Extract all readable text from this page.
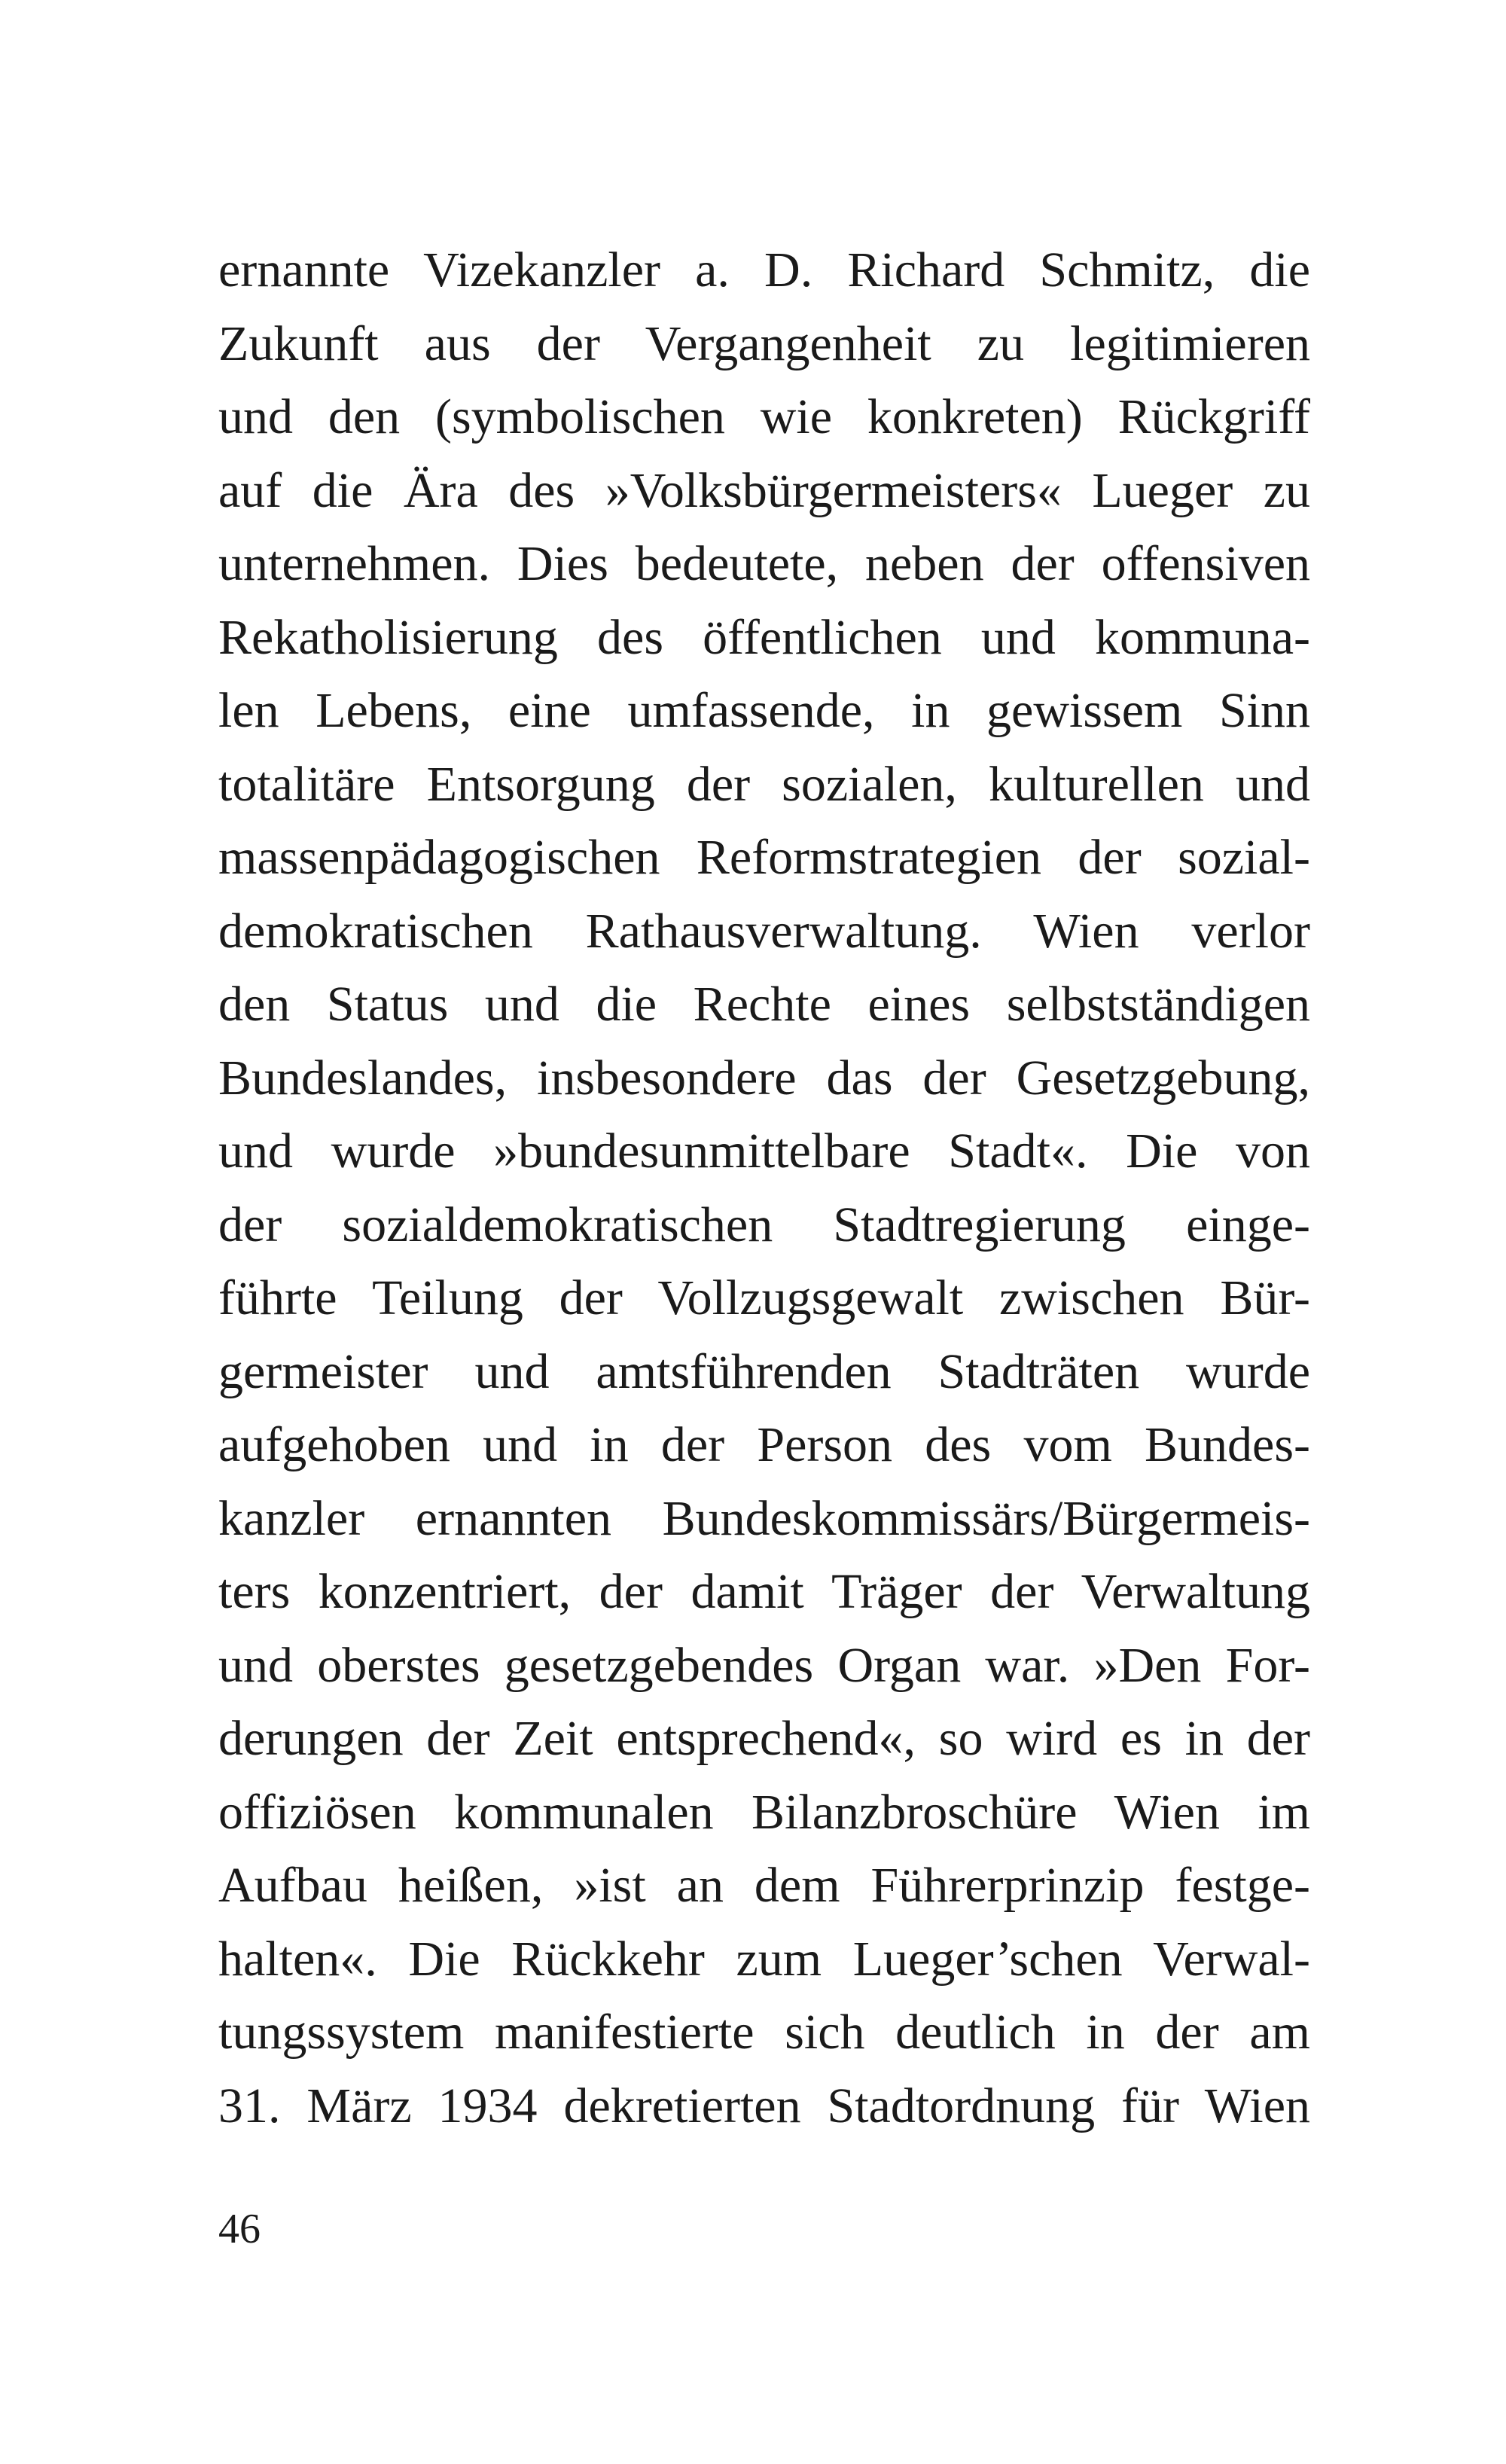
ernannte Vizekanzler a. D. Richard Schmitz, die
Zukunft aus der Vergangenheit zu legitimieren
und den (symbolischen wie konkreten) Rückgriff
auf die Ära des »Volksbürgermeisters« Lueger zu
unternehmen. Dies bedeutete, neben der offensiven
Rekatholisierung des öffentlichen und kommuna-
len Lebens, eine umfassende, in gewissem Sinn
totalitäre Entsorgung der sozialen, kulturellen und
massenpädagogischen Reformstrategien der sozial-
demokratischen Rathausverwaltung. Wien verlor
den Status und die Rechte eines selbstständigen
Bundeslandes, insbesondere das der Gesetzgebung,
und wurde »bundesunmittelbare Stadt«. Die von
der sozialdemokratischen Stadtregierung einge-
führte Teilung der Vollzugsgewalt zwischen Bür-
germeister und amtsführenden Stadträten wurde
aufgehoben und in der Person des vom Bundes-
kanzler ernannten Bundeskommissärs/Bürgermeis-
ters konzentriert, der damit Träger der Verwaltung
und oberstes gesetzgebendes Organ war. »Den For-
derungen der Zeit entsprechend«, so wird es in der
offiziösen kommunalen Bilanzbroschüre Wien im
Aufbau heißen, »ist an dem Führerprinzip festge-
halten«. Die Rückkehr zum Lueger’schen Verwal-
tungssystem manifestierte sich deutlich in der am
31. März 1934 dekretierten Stadtordnung für Wien
46
